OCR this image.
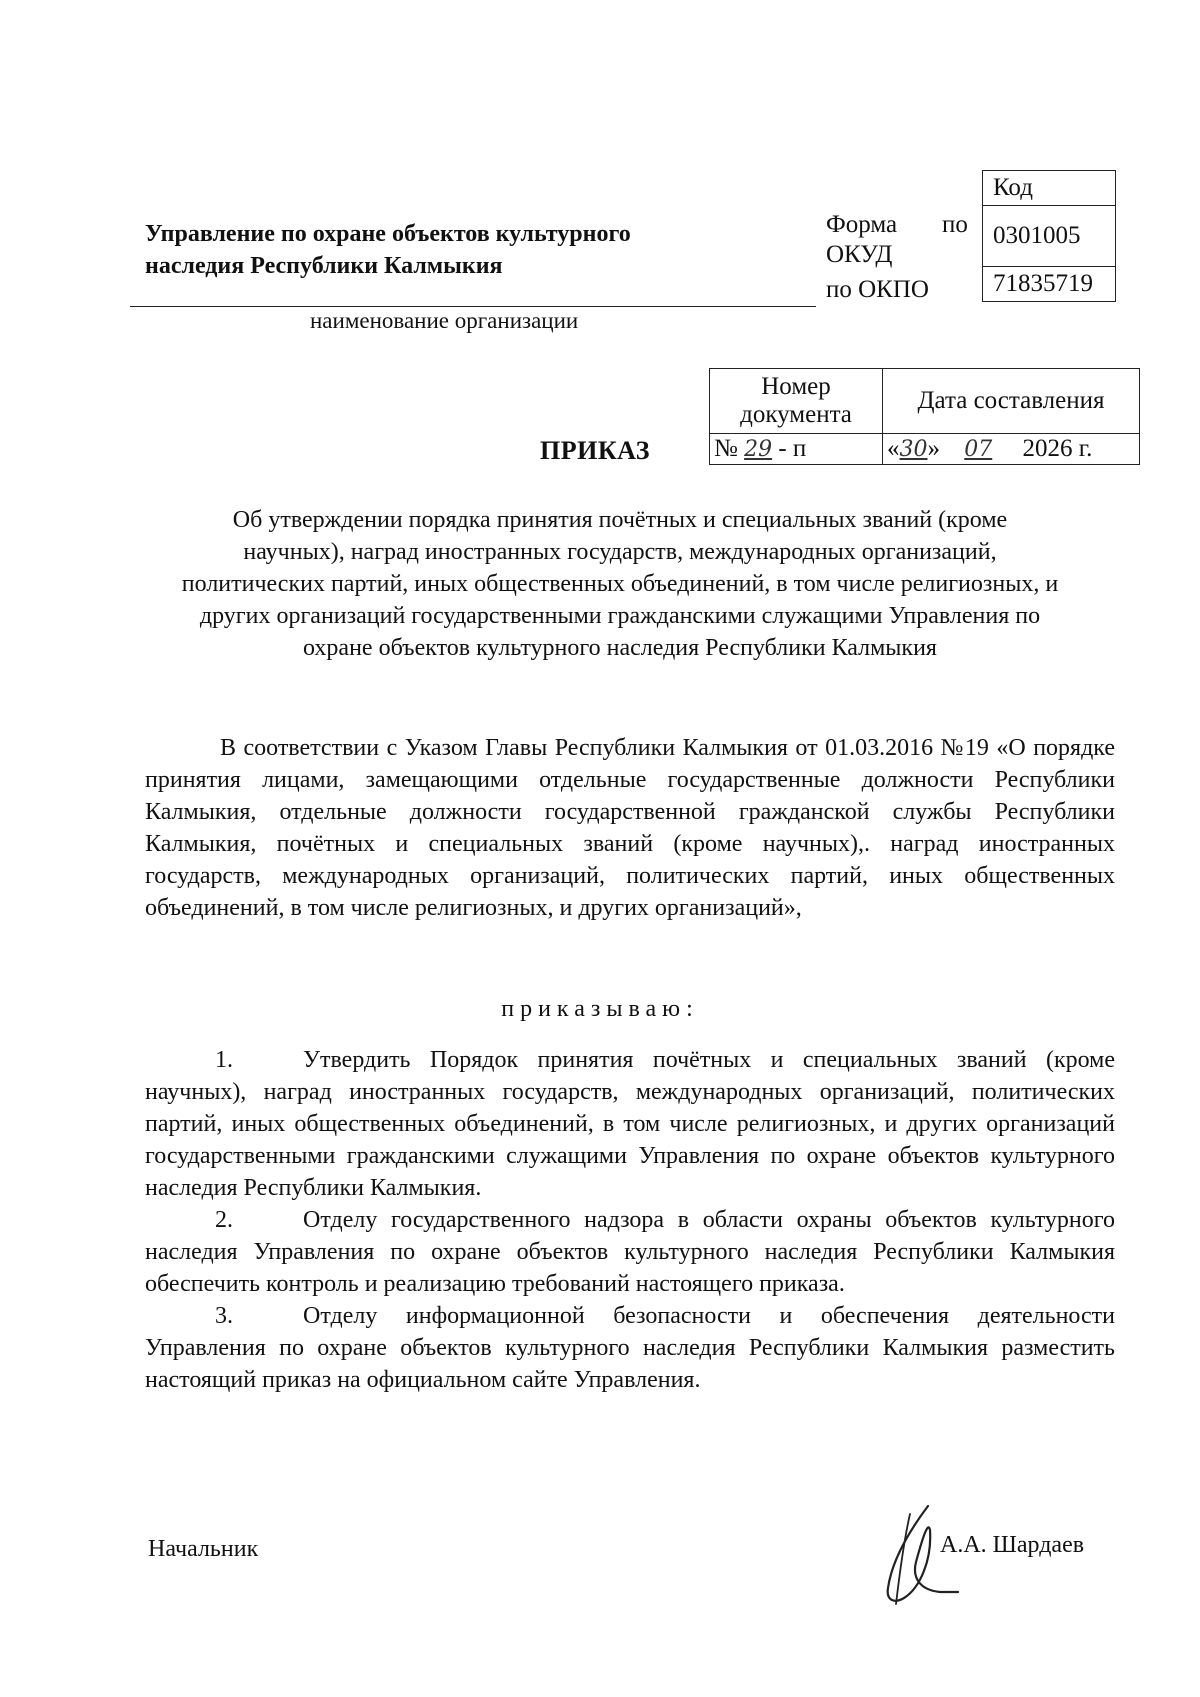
Управление по охране объектов культурного
наследия Республики Калмыкия
наименование организации
Форма по
ОКУД
по ОКПО
Код
0301005
71835719
ПРИКАЗ
Номер документа	Дата составления
№ 29 - п	«30» 07 2026 г.
Об утверждении порядка принятия почётных и специальных званий (кроме научных), наград иностранных государств, международных организаций, политических партий, иных общественных объединений, в том числе религиозных, и других организаций государственными гражданскими служащими Управления по охране объектов культурного наследия Республики Калмыкия
В соответствии с Указом Главы Республики Калмыкия от 01.03.2016 №19 «О порядке принятия лицами, замещающими отдельные государственные должности Республики Калмыкия, отдельные должности государственной гражданской службы Республики Калмыкия, почётных и специальных званий (кроме научных),. наград иностранных государств, международных организаций, политических партий, иных общественных объединений, в том числе религиозных, и других организаций»,
приказываю:
1.	Утвердить Порядок принятия почётных и специальных званий (кроме научных), наград иностранных государств, международных организаций, политических партий, иных общественных объединений, в том числе религиозных, и других организаций государственными гражданскими служащими Управления по охране объектов культурного наследия Республики Калмыкия.
2.	Отделу государственного надзора в области охраны объектов культурного наследия Управления по охране объектов культурного наследия Республики Калмыкия обеспечить контроль и реализацию требований настоящего приказа.
3.	Отделу информационной безопасности и обеспечения деятельности Управления по охране объектов культурного наследия Республики Калмыкия разместить настоящий приказ на официальном сайте Управления.
Начальник	А.А. Шардаев
